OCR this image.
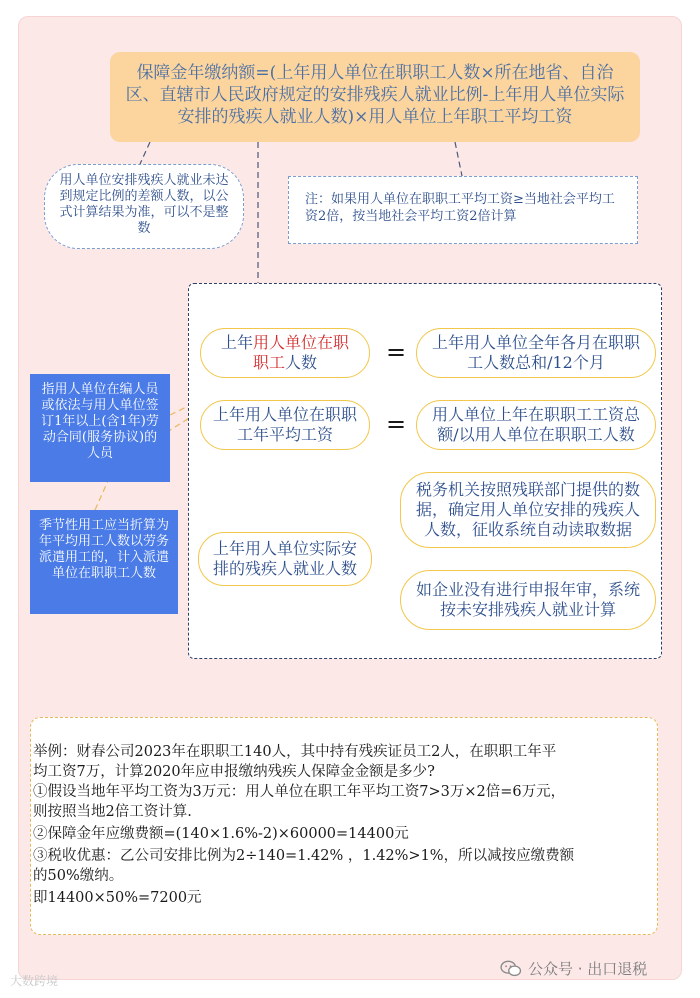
保障金年缴纳额=(上年用人单位在职职工人数×所在地省、自治区、直辖市人民政府规定的安排残疾人就业比例-上年用人单位实际安排的残疾人就业人数)×用人单位上年职工平均工资
用人单位安排残疾人就业未达到规定比例的差额人数，以公式计算结果为准，可以不是整数
注：如果用人单位在职职工平均工资≥当地社会平均工资2倍，按当地社会平均工资2倍计算
上年用人单位在职
职工人数	= 上年用人单位全年各月在职职工人数总和/12个月
上年用人单位在职职工年平均工资	= 用人单位上年在职职工工资总额/以用人单位在职职工人数
上年用人单位实际安排的残疾人就业人数
税务机关按照残联部门提供的数据，确定用人单位安排的残疾人人数，征收系统自动读取数据
如企业没有进行申报年审，系统按未安排残疾人就业计算
指用人单位在编人员或依法与用人单位签订1年以上(含1年)劳动合同(服务协议)的人员
季节性用工应当折算为年平均用工人数以劳务派遣用工的，计入派遣单位在职职工人数
举例：财春公司2023年在职职工140人，其中持有残疾证员工2人，在职职工年平
均工资7万，计算2020年应申报缴纳残疾人保障金金额是多少?
①假设当地年平均工资为3万元：用人单位在职工年平均工资7>3万×2倍=6万元，
则按照当地2倍工资计算.
②保障金年应缴费额=(140×1.6%-2)×60000=14400元
③税收优惠：乙公司安排比例为2÷140=1.42% ，1.42%>1%，所以减按应缴费额
的50%缴纳。
即14400×50%=7200元
大数跨境
公众号 · 出口退税
